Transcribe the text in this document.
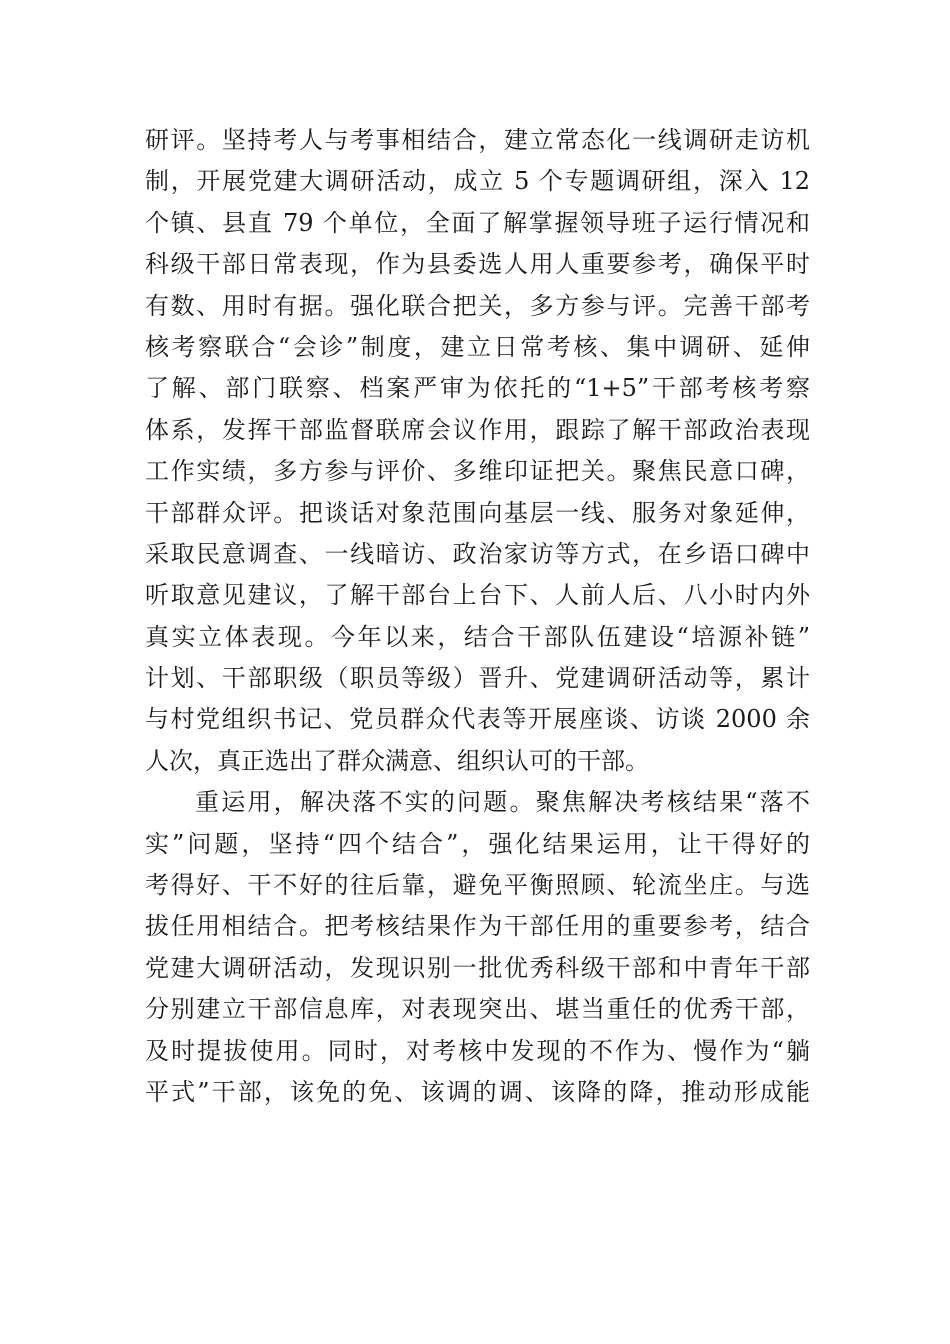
研评。坚持考人与考事相结合，建立常态化一线调研走访机
制，开展党建大调研活动，成立 5 个专题调研组，深入 12
个镇、县直 79 个单位，全面了解掌握领导班子运行情况和
科级干部日常表现，作为县委选人用人重要参考，确保平时
有数、用时有据。强化联合把关，多方参与评。完善干部考
核考察联合“会诊”制度，建立日常考核、集中调研、延伸
了解、部门联察、档案严审为依托的“1+5”干部考核考察
体系，发挥干部监督联席会议作用，跟踪了解干部政治表现
工作实绩，多方参与评价、多维印证把关。聚焦民意口碑，
干部群众评。把谈话对象范围向基层一线、服务对象延伸，
采取民意调查、一线暗访、政治家访等方式，在乡语口碑中
听取意见建议，了解干部台上台下、人前人后、八小时内外
真实立体表现。今年以来，结合干部队伍建设“培源补链”
计划、干部职级（职员等级）晋升、党建调研活动等，累计
与村党组织书记、党员群众代表等开展座谈、访谈 2000 余
人次，真正选出了群众满意、组织认可的干部。
重运用，解决落不实的问题。聚焦解决考核结果“落不
实”问题，坚持“四个结合”，强化结果运用，让干得好的
考得好、干不好的往后靠，避免平衡照顾、轮流坐庄。与选
拔任用相结合。把考核结果作为干部任用的重要参考，结合
党建大调研活动，发现识别一批优秀科级干部和中青年干部
分别建立干部信息库，对表现突出、堪当重任的优秀干部，
及时提拔使用。同时，对考核中发现的不作为、慢作为“躺
平式”干部，该免的免、该调的调、该降的降，推动形成能
